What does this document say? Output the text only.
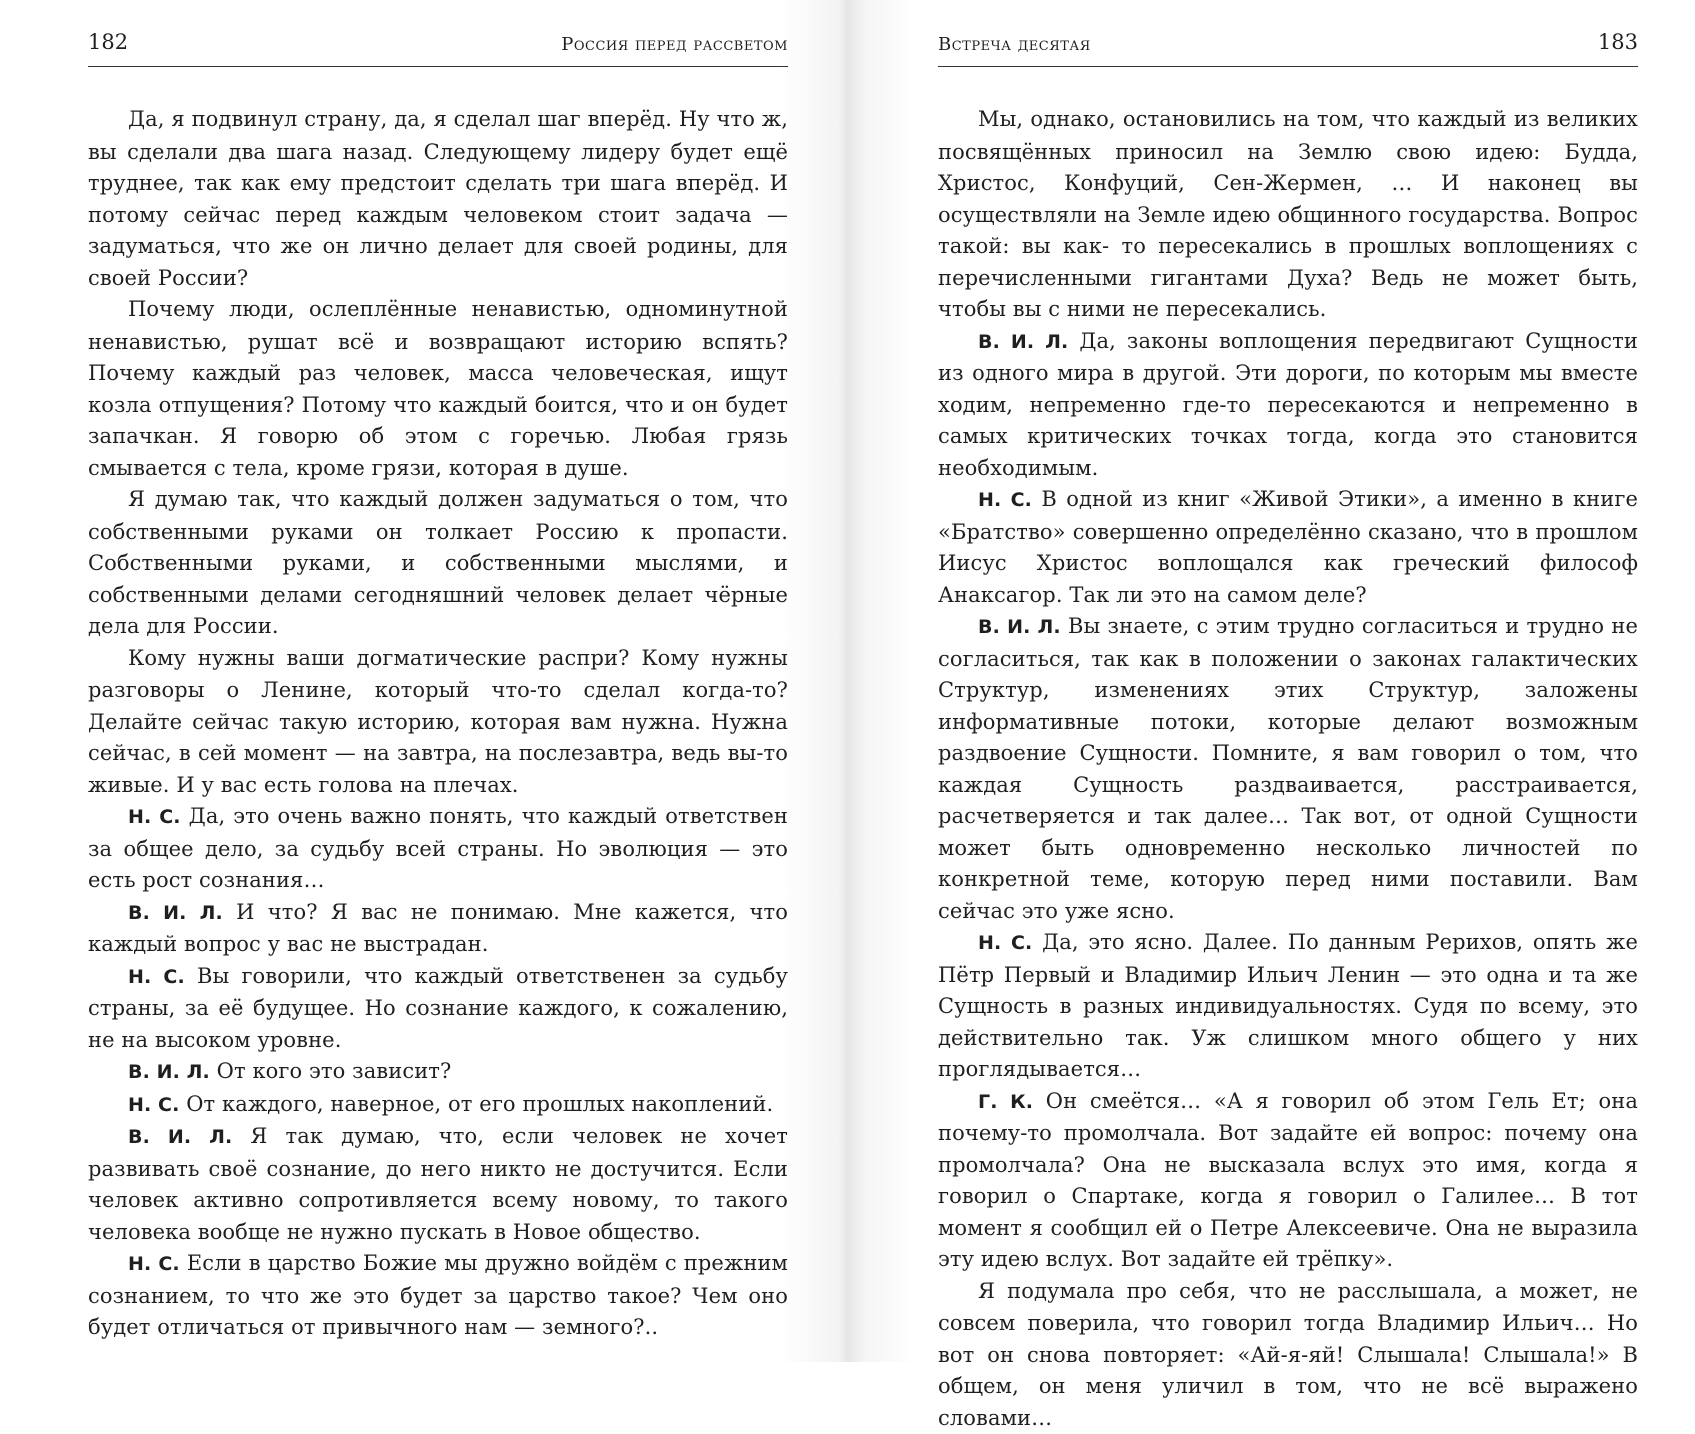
182	Россия перед рассветом

Да, я подвинул страну, да, я сделал шаг вперёд. Ну что ж, вы сделали два шага назад. Следующему лидеру будет ещё труднее, так как ему предстоит сделать три шага вперёд. И потому сейчас перед каждым человеком стоит задача — задуматься, что же он лично делает для своей родины, для своей России?

Почему люди, ослеплённые ненавистью, одноминутной ненавистью, рушат всё и возвращают историю вспять? Почему каждый раз человек, масса человеческая, ищут козла отпущения? Потому что каждый боится, что и он будет запачкан. Я говорю об этом с горечью. Любая грязь смывается с тела, кроме грязи, которая в душе.

Я думаю так, что каждый должен задуматься о том, что собственными руками он толкает Россию к пропасти. Собственными руками, и собственными мыслями, и собственными делами сегодняшний человек делает чёрные дела для России.

Кому нужны ваши догматические распри? Кому нужны разговоры о Ленине, который что-то сделал когда-то? Делайте сейчас такую историю, которая вам нужна. Нужна сейчас, в сей момент — на завтра, на послезавтра, ведь вы-то живые. И у вас есть голова на плечах.

Н. С. Да, это очень важно понять, что каждый ответствен за общее дело, за судьбу всей страны. Но эволюция — это есть рост сознания…

В. И. Л. И что? Я вас не понимаю. Мне кажется, что каждый вопрос у вас не выстрадан.

Н. С. Вы говорили, что каждый ответственен за судьбу страны, за её будущее. Но сознание каждого, к сожалению, не на высоком уровне.

В. И. Л. От кого это зависит?

Н. С. От каждого, наверное, от его прошлых накоплений.

В. И. Л. Я так думаю, что, если человек не хочет развивать своё сознание, до него никто не достучится. Если человек активно сопротивляется всему новому, то такого человека вообще не нужно пускать в Новое общество.

Н. С. Если в царство Божие мы дружно войдём с прежним сознанием, то что же это будет за царство такое? Чем оно будет отличаться от привычного нам — земного?..

Встреча десятая	183

Мы, однако, остановились на том, что каждый из великих посвящённых приносил на Землю свою идею: Будда, Христос, Конфуций, Сен-Жермен, … И наконец вы осуществляли на Земле идею общинного государства. Вопрос такой: вы как- то пересекались в прошлых воплощениях с перечисленными гигантами Духа? Ведь не может быть, чтобы вы с ними не пересекались.

В. И. Л. Да, законы воплощения передвигают Сущности из одного мира в другой. Эти дороги, по которым мы вместе ходим, непременно где-то пересекаются и непременно в самых критических точках тогда, когда это становится необходимым.

Н. С. В одной из книг «Живой Этики», а именно в книге «Братство» совершенно определённо сказано, что в прошлом Иисус Христос воплощался как греческий философ Анаксагор. Так ли это на самом деле?

В. И. Л. Вы знаете, с этим трудно согласиться и трудно не согласиться, так как в положении о законах галактических Структур, изменениях этих Структур, заложены информативные потоки, которые делают возможным раздвоение Сущности. Помните, я вам говорил о том, что каждая Сущность раздваивается, расстраивается, расчетверяется и так далее… Так вот, от одной Сущности может быть одновременно несколько личностей по конкретной теме, которую перед ними поставили. Вам сейчас это уже ясно.

Н. С. Да, это ясно. Далее. По данным Рерихов, опять же Пётр Первый и Владимир Ильич Ленин — это одна и та же Сущность в разных индивидуальностях. Судя по всему, это действительно так. Уж слишком много общего у них проглядывается…

Г. К. Он смеётся… «А я говорил об этом Гель Ет; она почему-то промолчала. Вот задайте ей вопрос: почему она промолчала? Она не высказала вслух это имя, когда я говорил о Спартаке, когда я говорил о Галилее… В тот момент я сообщил ей о Петре Алексеевиче. Она не выразила эту идею вслух. Вот задайте ей трёпку».

Я подумала про себя, что не расслышала, а может, не совсем поверила, что говорил тогда Владимир Ильич… Но вот он снова повторяет: «Ай-я-яй! Слышала! Слышала!» В общем, он меня уличил в том, что не всё выражено словами…
